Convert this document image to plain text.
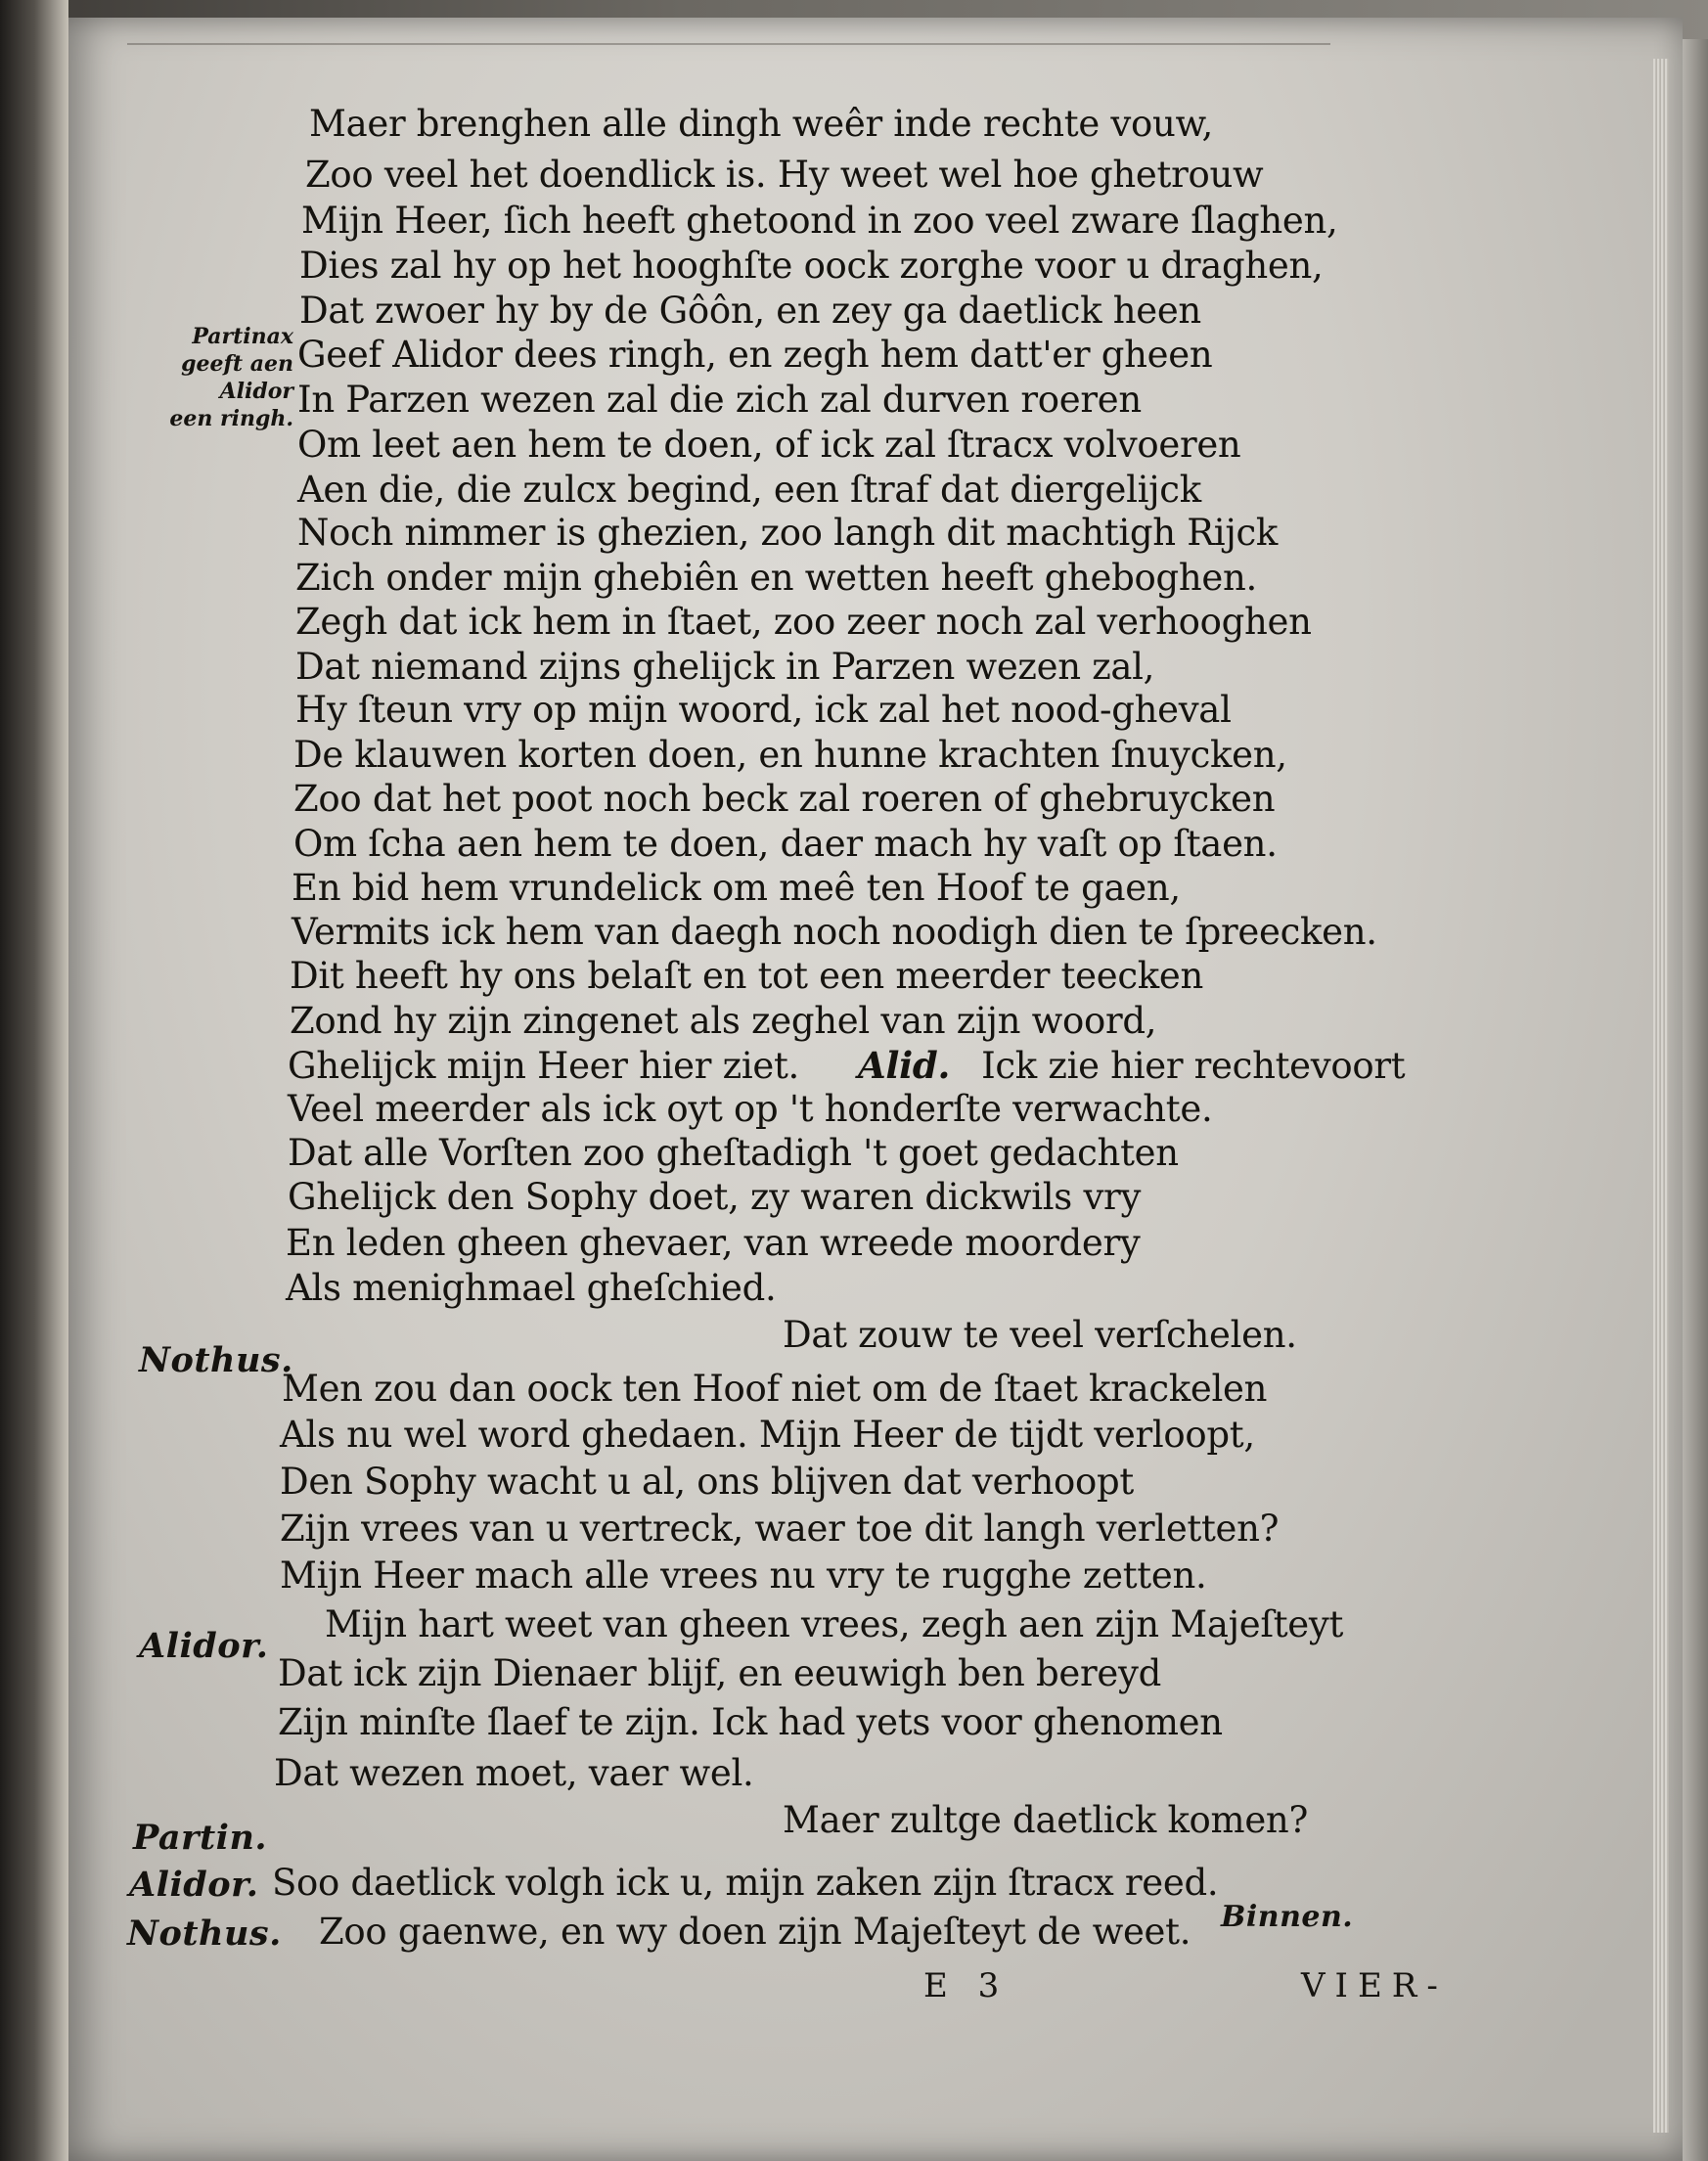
Maer brenghen alle dingh weêr inde rechte vouw,
Zoo veel het doendlick is. Hy weet wel hoe ghetrouw
Mijn Heer, ſich heeft ghetoond in zoo veel zware ſlaghen,
Dies zal hy op het hooghſte oock zorghe voor u draghen,
Dat zwoer hy by de Gôôn, en zey ga daetlick heen
Geef Alidor dees ringh, en zegh hem datt'er gheen
In Parzen wezen zal die zich zal durven roeren
Om leet aen hem te doen, of ick zal ſtracx volvoeren
Aen die, die zulcx begind, een ſtraf dat diergelijck
Noch nimmer is ghezien, zoo langh dit machtigh Rijck
Zich onder mijn ghebiên en wetten heeft gheboghen.
Zegh dat ick hem in ſtaet, zoo zeer noch zal verhooghen
Dat niemand zijns ghelijck in Parzen wezen zal,
Hy ſteun vry op mijn woord, ick zal het nood-gheval
De klauwen korten doen, en hunne krachten ſnuycken,
Zoo dat het poot noch beck zal roeren of ghebruycken
Om ſcha aen hem te doen, daer mach hy vaſt op ſtaen.
En bid hem vrundelick om meê ten Hoof te gaen,
Vermits ick hem van daegh noch noodigh dien te ſpreecken.
Dit heeft hy ons belaſt en tot een meerder teecken
Zond hy zijn zingenet als zeghel van zijn woord,
Ghelijck mijn Heer hier ziet. Alid. Ick zie hier rechtevoort
Veel meerder als ick oyt op 't honderſte verwachte.
Dat alle Vorſten zoo gheſtadigh 't goet gedachten
Ghelijck den Sophy doet, zy waren dickwils vry
En leden gheen ghevaer, van wreede moordery
Als menighmael gheſchied.
Partinax
geeft aen
Alidor
een ringh.
Dat zouw te veel verſchelen.
Nothus.
Men zou dan oock ten Hoof niet om de ſtaet krackelen
Als nu wel word ghedaen. Mijn Heer de tijdt verloopt,
Den Sophy wacht u al, ons blijven dat verhoopt
Zijn vrees van u vertreck, waer toe dit langh verletten?
Mijn Heer mach alle vrees nu vry te rugghe zetten.
Alidor.
Mijn hart weet van gheen vrees, zegh aen zijn Majeſteyt
Dat ick zijn Dienaer blijf, en eeuwigh ben bereyd
Zijn minſte ſlaef te zijn. Ick had yets voor ghenomen
Dat wezen moet, vaer wel.
Maer zultge daetlick komen?
Partin.
Alidor. Soo daetlick volgh ick u, mijn zaken zijn ſtracx reed.
Nothus. Zoo gaenwe, en wy doen zijn Majeſteyt de weet. Binnen.
E 3	VIER-
